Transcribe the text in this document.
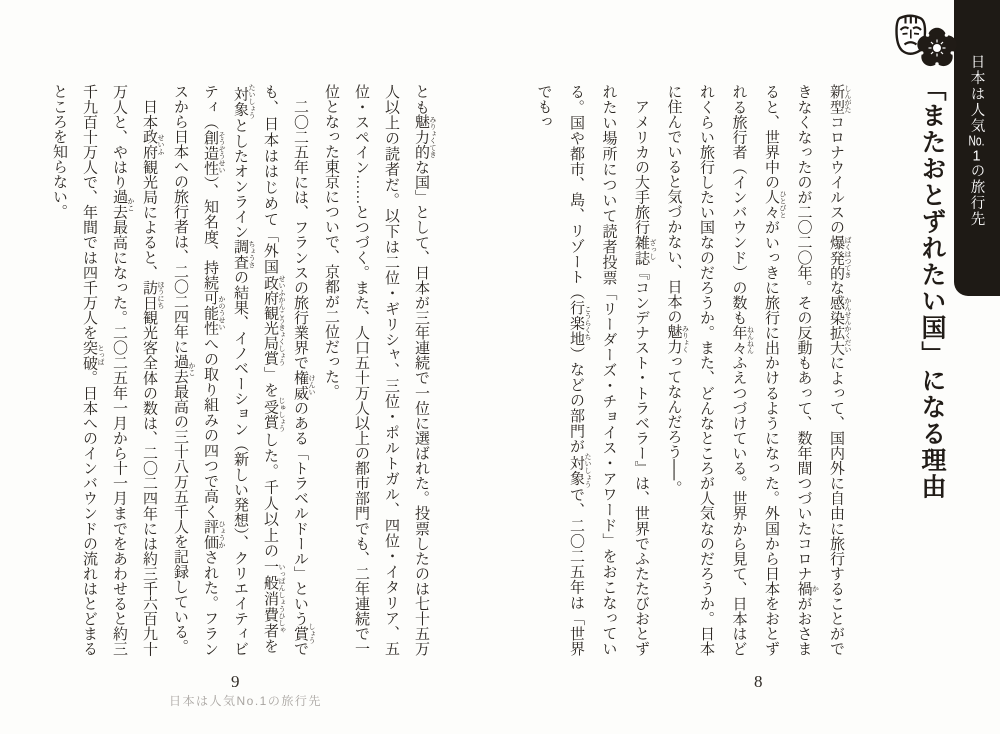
日本は人気No.1の旅行先
「またおとずれたい国」になる理由

新型 しんがたコロナウイルスの爆発的 ばくはつてきな感染拡大 かんせんかくだいによって、国内外に自由に旅行することができなくなったのが二〇二〇年。その反動もあって、数年間つづいたコロナ禍 かがおさまると、世界中の人々 ひとびとがいっきに旅行に出かけるようになった。外国から日本をおとずれる旅行者（インバウンド）の数も年々 ねんねんふえつづけている。世界から見て、日本はどれくらい旅行したい国なのだろうか。また、どんなところが人気なのだろうか。日本に住んでいると気づかない、日本の魅力 みりょくってなんだろう──。

アメリカの大手旅行雑誌 ざっし『コンデナスト・トラベラー』は、世界でふたたびおとずれたい場所について読者投票「リーダーズ・チョイス・アワード」をおこなっている。国や都市、島、リゾート（行楽地 こうらくち）などの部門が対象 たいしょうで、二〇二五年は「世界でもっ

とも魅力的 みりょくてきな国」として、日本が三年連続で一位に選ばれた。投票したのは七十五万人以上の読者だ。以下は二位・ギリシャ、三位・ポルトガル、四位・イタリア、五位・スペイン……とつづく。また、人口五十万人以上の都市部門でも、二年連続で一位となった東京についで、京都が二位だった。

二〇二五年には、フランスの旅行業界で権威 けんいのある「トラベルドール」という賞 しょうでも、日本ははじめて「外国政府観光局賞 せいふかんこうきょくしょう」を受賞 じゅしょうした。千人以上の一般消費者 いっぱんしょうひしゃを対象 たいしょうとしたオンライン調査 ちょうさの結果、イノベーション（新しい発想）、クリエイティビティ（創造性 そうぞうせい）、知名度、持続可能性 かのうせいへの取り組みの四つで高く評価 ひょうかされた。フランスから日本への旅行者は、二〇二四年に過去 かこ最高の三十八万五千人を記録している。

日本政府 せいふ観光局によると、訪日 ほうにち観光客全体の数は、二〇二四年には約三千六百九十万人と、やはり過去 かこ最高になった。二〇二五年一月から十一月までをあわせると約三千九百十万人で、年間では四千万人を突破 とっぱ。日本へのインバウンドの流れはとどまるところを知らない。

8
9
日本は人気No.1の旅行先
